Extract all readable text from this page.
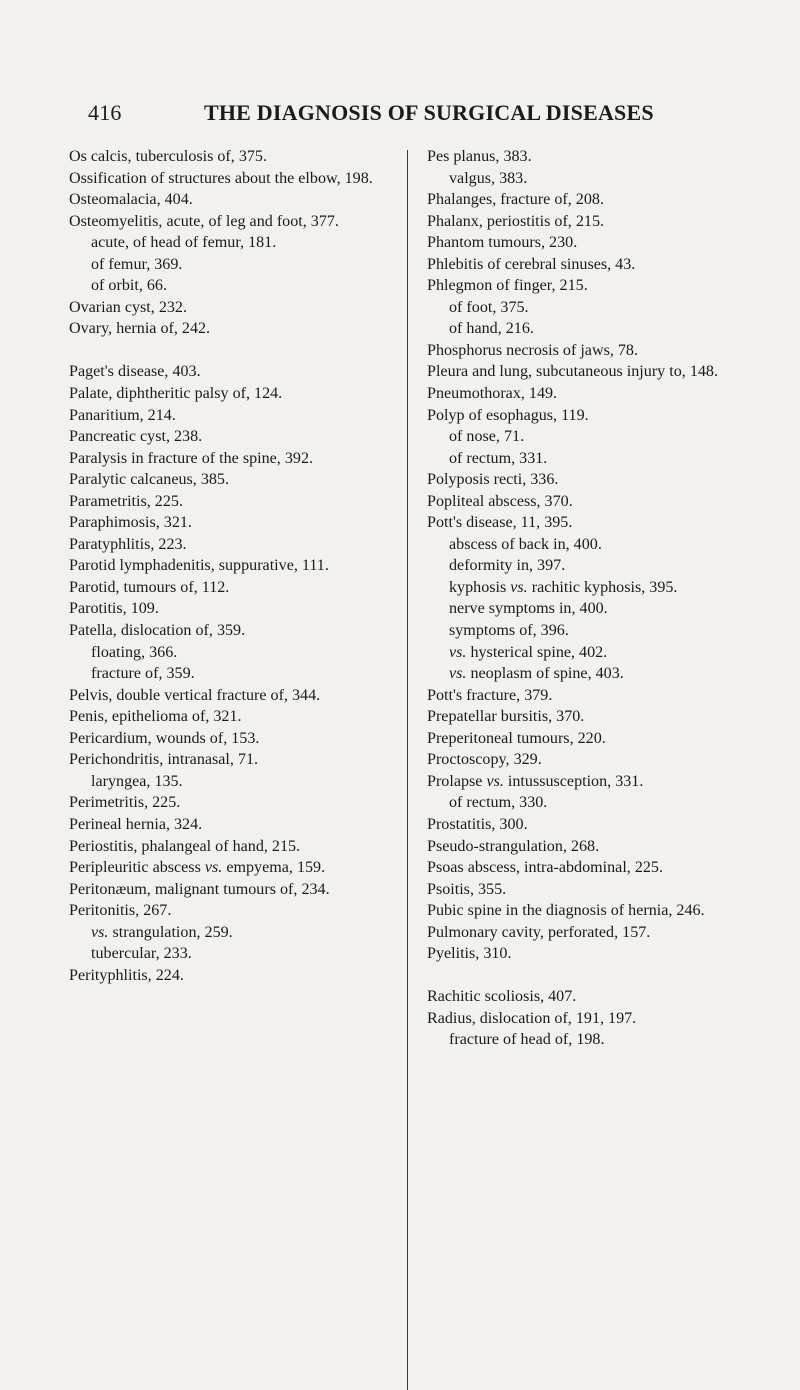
416	THE DIAGNOSIS OF SURGICAL DISEASES
Os calcis, tuberculosis of, 375.
Ossification of structures about the elbow, 198.
Osteomalacia, 404.
Osteomyelitis, acute, of leg and foot, 377.
acute, of head of femur, 181.
of femur, 369.
of orbit, 66.
Ovarian cyst, 232.
Ovary, hernia of, 242.
Paget's disease, 403.
Palate, diphtheritic palsy of, 124.
Panaritium, 214.
Pancreatic cyst, 238.
Paralysis in fracture of the spine, 392.
Paralytic calcaneus, 385.
Parametritis, 225.
Paraphimosis, 321.
Paratyphlitis, 223.
Parotid lymphadenitis, suppurative, 111.
Parotid, tumours of, 112.
Parotitis, 109.
Patella, dislocation of, 359.
floating, 366.
fracture of, 359.
Pelvis, double vertical fracture of, 344.
Penis, epithelioma of, 321.
Pericardium, wounds of, 153.
Perichondritis, intranasal, 71.
laryngea, 135.
Perimetritis, 225.
Perineal hernia, 324.
Periostitis, phalangeal of hand, 215.
Peripleuritic abscess vs. empyema, 159.
Peritonæum, malignant tumours of, 234.
Peritonitis, 267.
vs. strangulation, 259.
tubercular, 233.
Perityphlitis, 224.
Pes planus, 383.
valgus, 383.
Phalanges, fracture of, 208.
Phalanx, periostitis of, 215.
Phantom tumours, 230.
Phlebitis of cerebral sinuses, 43.
Phlegmon of finger, 215.
of foot, 375.
of hand, 216.
Phosphorus necrosis of jaws, 78.
Pleura and lung, subcutaneous injury to, 148.
Pneumothorax, 149.
Polyp of esophagus, 119.
of nose, 71.
of rectum, 331.
Polyposis recti, 336.
Popliteal abscess, 370.
Pott's disease, 11, 395.
abscess of back in, 400.
deformity in, 397.
kyphosis vs. rachitic kyphosis, 395.
nerve symptoms in, 400.
symptoms of, 396.
vs. hysterical spine, 402.
vs. neoplasm of spine, 403.
Pott's fracture, 379.
Prepatellar bursitis, 370.
Preperitoneal tumours, 220.
Proctoscopy, 329.
Prolapse vs. intussusception, 331.
of rectum, 330.
Prostatitis, 300.
Pseudo-strangulation, 268.
Psoas abscess, intra-abdominal, 225.
Psoitis, 355.
Pubic spine in the diagnosis of hernia, 246.
Pulmonary cavity, perforated, 157.
Pyelitis, 310.
Rachitic scoliosis, 407.
Radius, dislocation of, 191, 197.
fracture of head of, 198.
